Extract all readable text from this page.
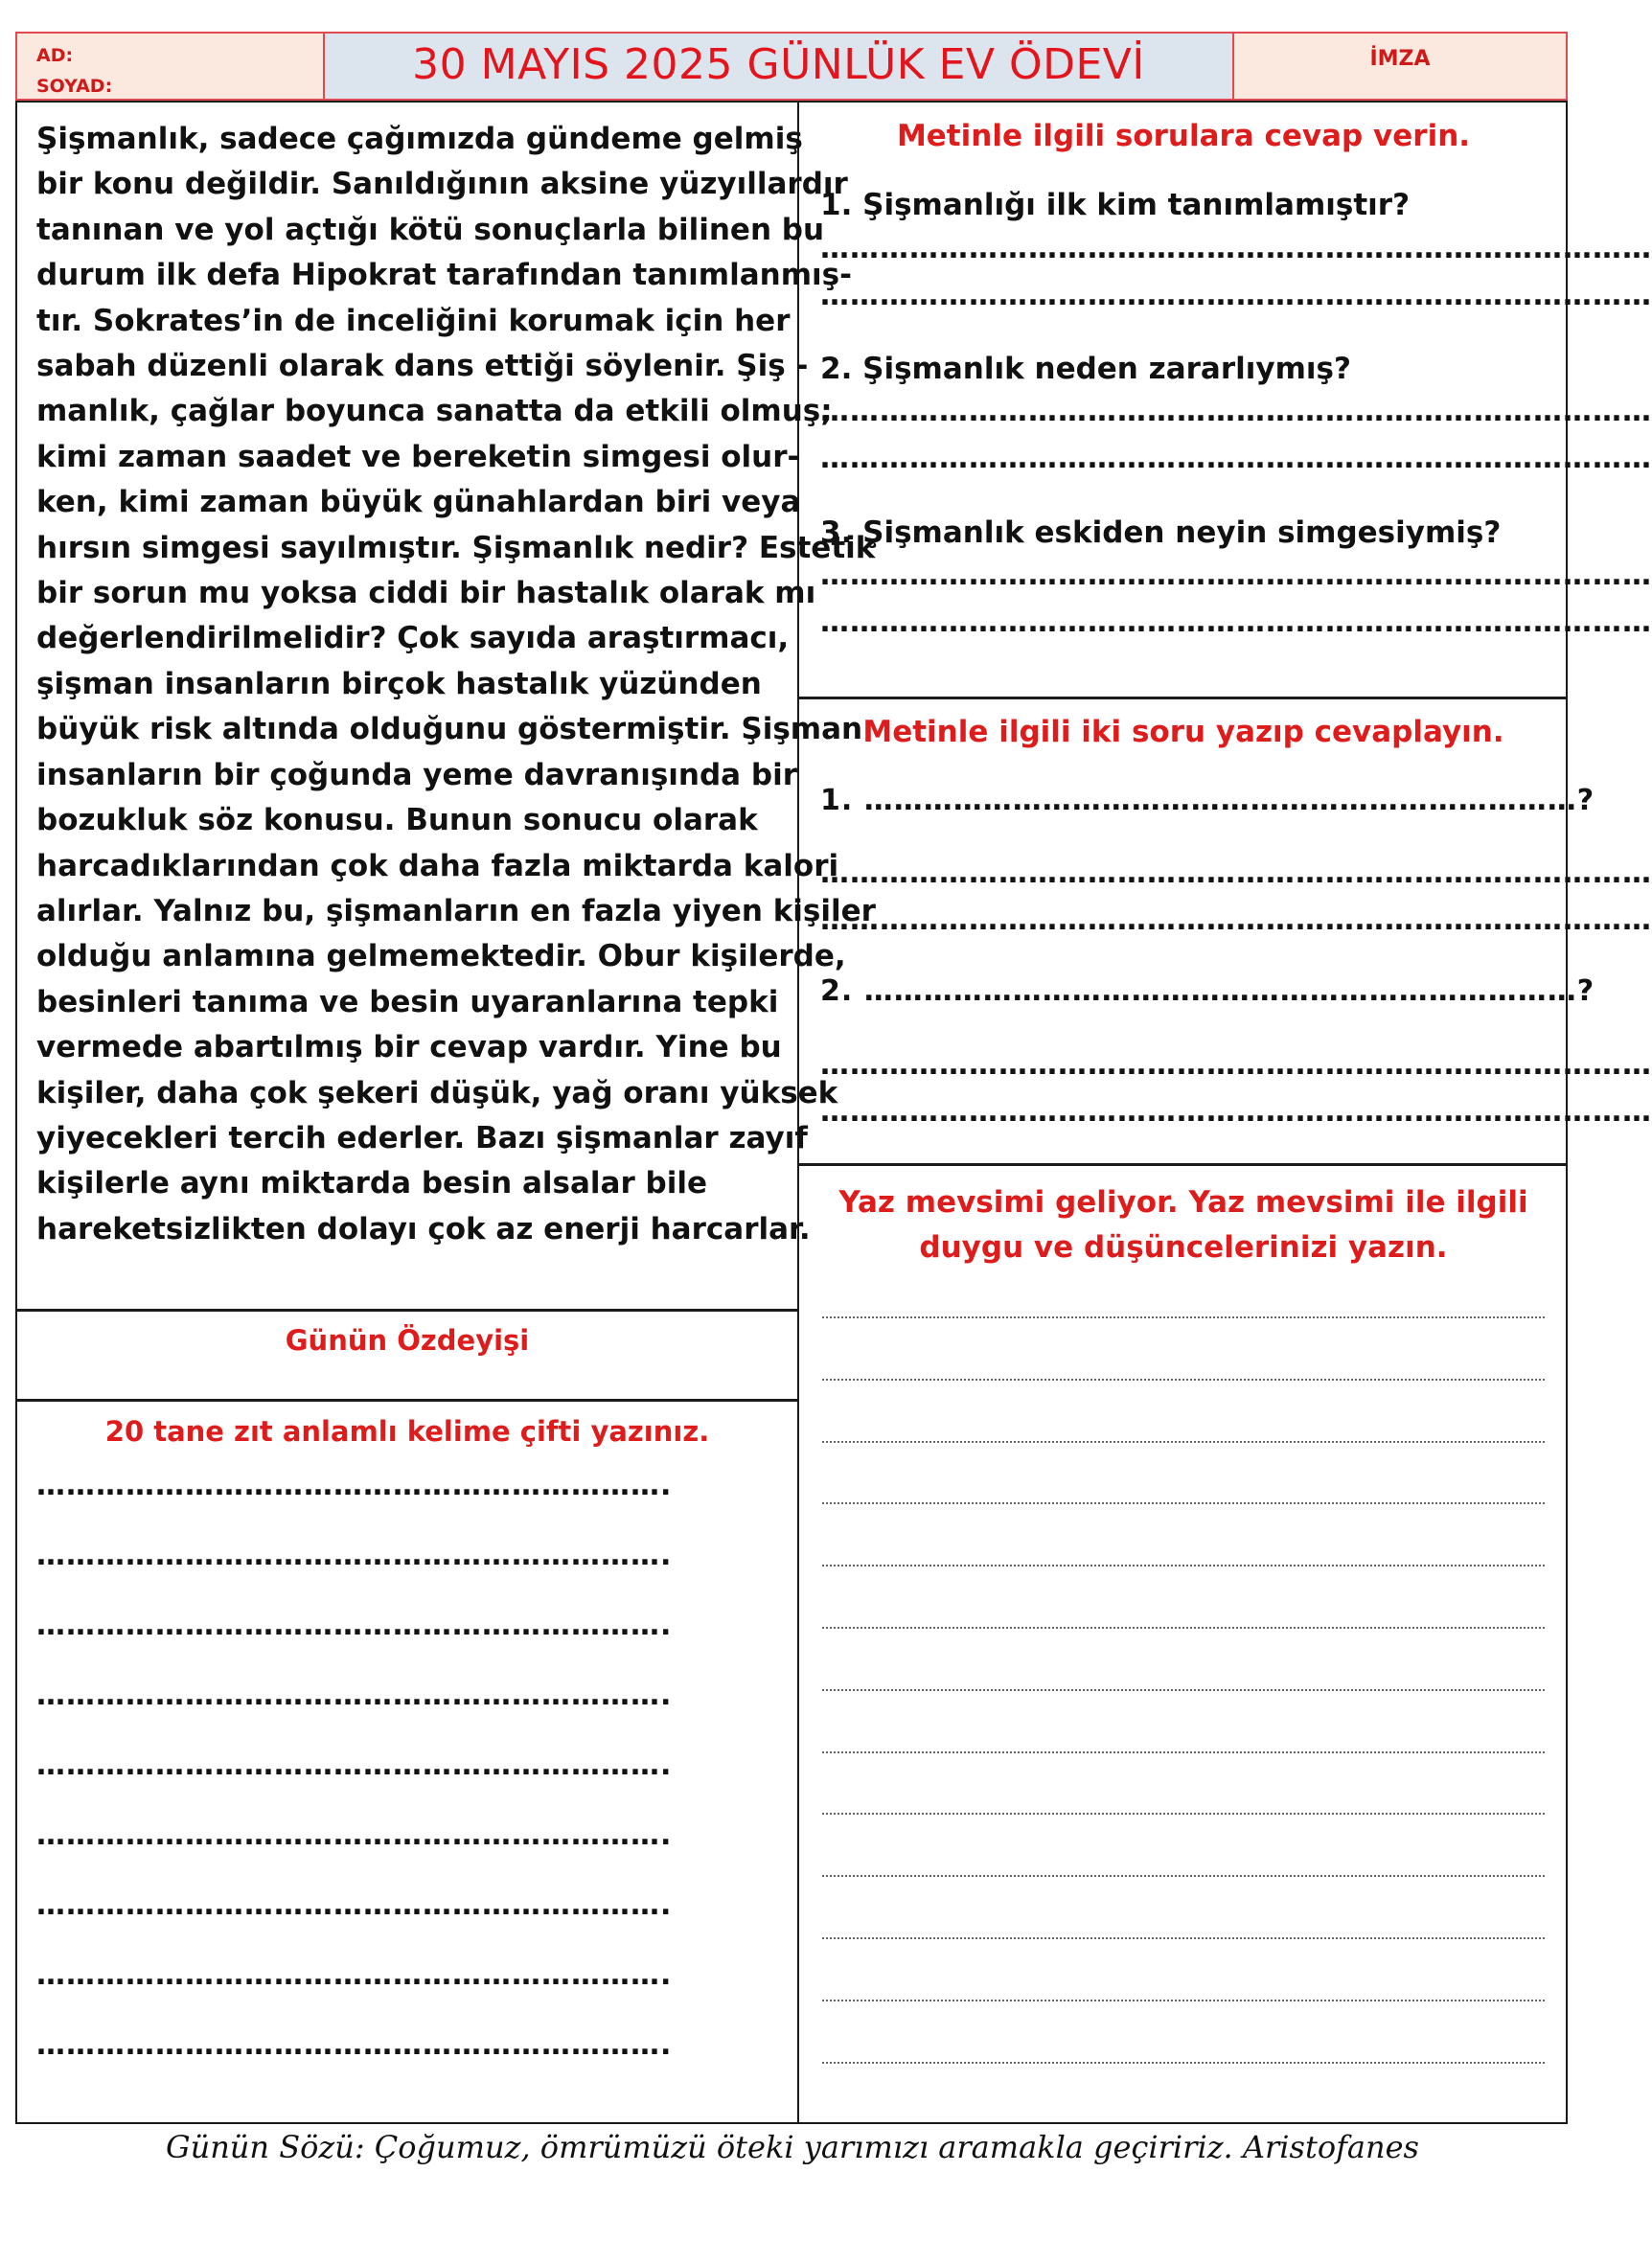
AD:
SOYAD:	30 MAYIS 2025 GÜNLÜK EV ÖDEVİ	İMZA
Şişmanlık, sadece çağımızda gündeme gelmiş
bir konu değildir. Sanıldığının aksine yüzyıllardır
tanınan ve yol açtığı kötü sonuçlarla bilinen bu
durum ilk defa Hipokrat tarafından tanımlanmış-
tır. Sokrates’in de inceliğini korumak için her
sabah düzenli olarak dans ettiği söylenir. Şiş -
manlık, çağlar boyunca sanatta da etkili olmuş;
kimi zaman saadet ve bereketin simgesi olur-
ken, kimi zaman büyük günahlardan biri veya
hırsın simgesi sayılmıştır. Şişmanlık nedir? Estetik
bir sorun mu yoksa ciddi bir hastalık olarak mı
değerlendirilmelidir? Çok sayıda araştırmacı,
şişman insanların birçok hastalık yüzünden
büyük risk altında olduğunu göstermiştir. Şişman
insanların bir çoğunda yeme davranışında bir
bozukluk söz konusu. Bunun sonucu olarak
harcadıklarından çok daha fazla miktarda kalori
alırlar. Yalnız bu, şişmanların en fazla yiyen kişiler
olduğu anlamına gelmemektedir. Obur kişilerde,
besinleri tanıma ve besin uyaranlarına tepki
vermede abartılmış bir cevap vardır. Yine bu
kişiler, daha çok şekeri düşük, yağ oranı yüksek
yiyecekleri tercih ederler. Bazı şişmanlar zayıf
kişilerle aynı miktarda besin alsalar bile
hareketsizlikten dolayı çok az enerji harcarlar.
Günün Özdeyişi
20 tane zıt anlamlı kelime çifti yazınız.
……………………………………………………….
……………………………………………………….
……………………………………………………….
……………………………………………………….
……………………………………………………….
……………………………………………………….
……………………………………………………….
……………………………………………………….
……………………………………………………….
Metinle ilgili sorulara cevap verin.
1. Şişmanlığı ilk kim tanımlamıştır?
…………………………………………………………………………
…………………………………………………………………………
2. Şişmanlık neden zararlıymış?
…………………………………………………………………………
…………………………………………………………………………
3. Şişmanlık eskiden neyin simgesiymiş?
…………………………………………………………………………
…………………………………………………………………………
Metinle ilgili iki soru yazıp cevaplayın.
1. ………………………………………………………………?
…………………………………………………………………………
…………………………………………………………………………
2. ………………………………………………………………?
…………………………………………………………………………
…………………………………………………………………………
Yaz mevsimi geliyor. Yaz mevsimi ile ilgili
duygu ve düşüncelerinizi yazın.
Günün Sözü: Çoğumuz, ömrümüzü öteki yarımızı aramakla geçiririz. Aristofanes
